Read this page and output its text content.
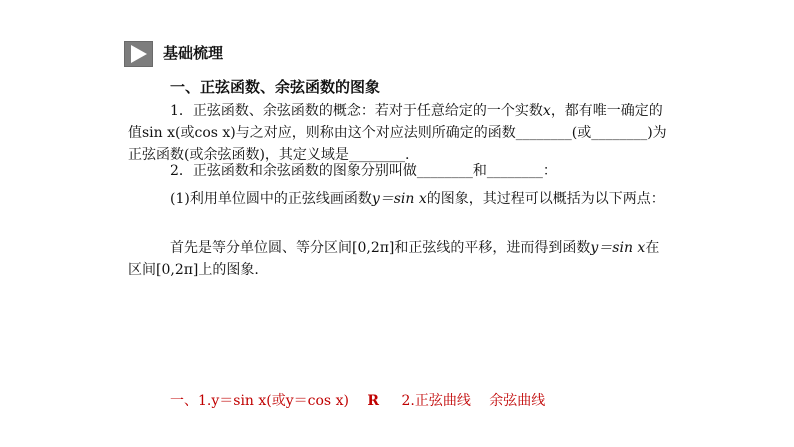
基础梳理
一、正弦函数、余弦函数的图象

1．正弦函数、余弦函数的概念：若对于任意给定的一个实数x，都有唯一确定的值sin x(或cos x)与之对应，则称由这个对应法则所确定的函数________(或________)为正弦函数(或余弦函数)，其定义域是________.

2．正弦函数和余弦函数的图象分别叫做________和________：

(1)利用单位圆中的正弦线画函数y＝sin x的图象，其过程可以概括为以下两点：

首先是等分单位圆、等分区间[0,2π]和正弦线的平移，进而得到函数y＝sin x在区间[0,2π]上的图象.

一、1.y＝sin x(或y＝cos x) R 2.正弦曲线 余弦曲线
